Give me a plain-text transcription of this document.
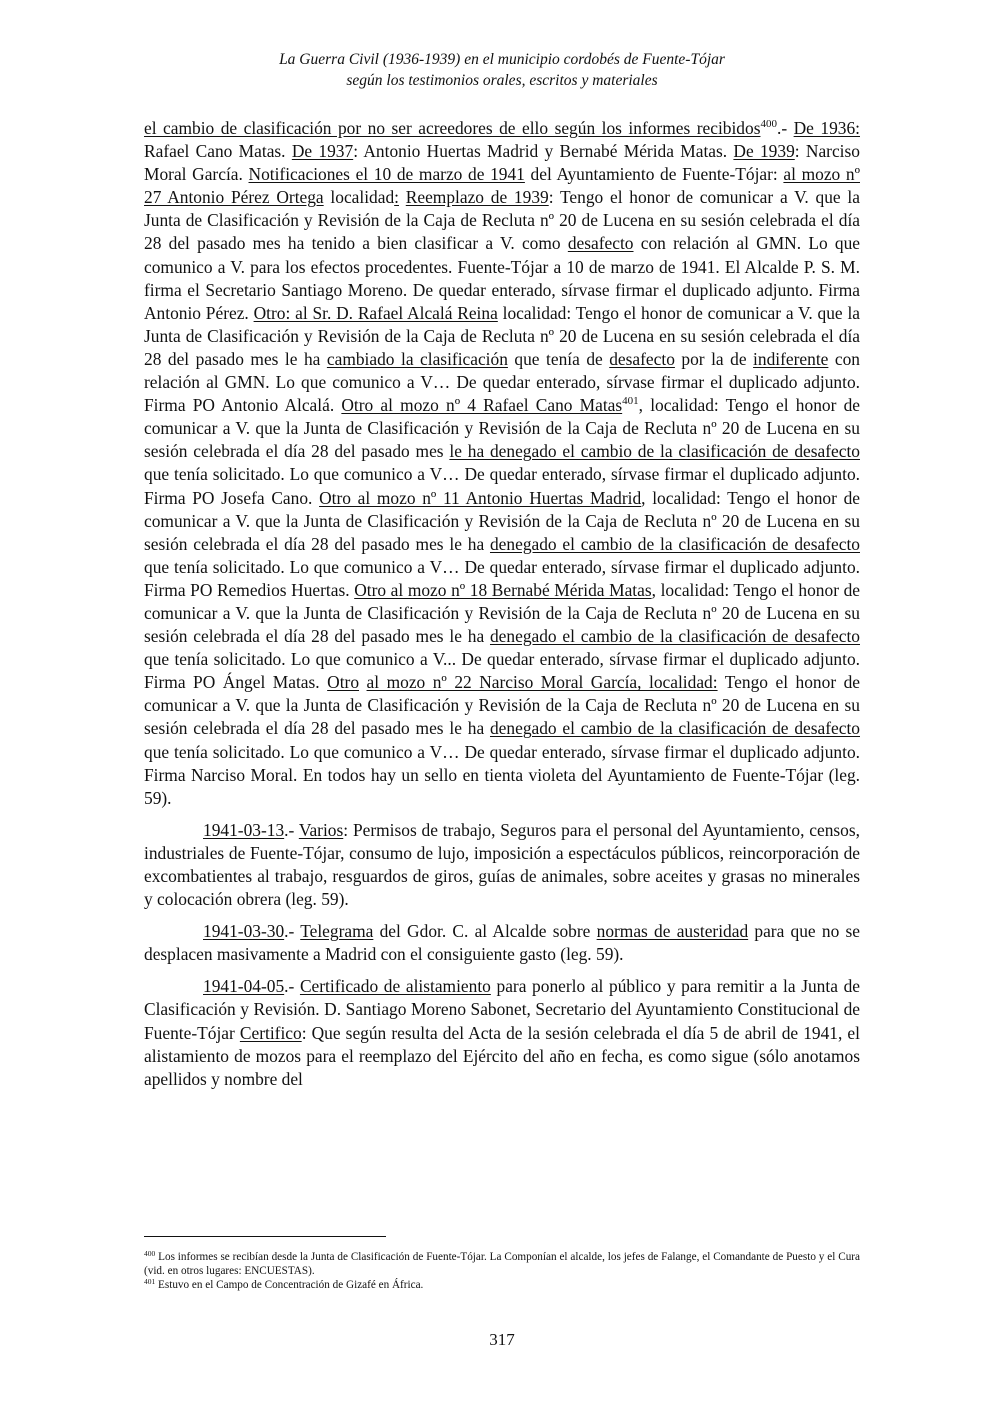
La Guerra Civil (1936-1939) en el municipio cordobés de Fuente-Tójar
según los testimonios orales, escritos y materiales

el cambio de clasificación por no ser acreedores de ello según los informes recibidos$^{400}$.- De 1936: Rafael Cano Matas. De 1937: Antonio Huertas Madrid y Bernabé Mérida Matas. De 1939: Narciso Moral García. Notificaciones el 10 de marzo de 1941 del Ayuntamiento de Fuente-Tójar: al mozo nº 27 Antonio Pérez Ortega localidad: Reemplazo de 1939: Tengo el honor de comunicar a V. que la Junta de Clasificación y Revisión de la Caja de Recluta nº 20 de Lucena en su sesión celebrada el día 28 del pasado mes ha tenido a bien clasificar a V. como desafecto con relación al GMN. Lo que comunico a V. para los efectos procedentes. Fuente-Tójar a 10 de marzo de 1941. El Alcalde P. S. M. firma el Secretario Santiago Moreno. De quedar enterado, sírvase firmar el duplicado adjunto. Firma Antonio Pérez. Otro: al Sr. D. Rafael Alcalá Reina localidad: Tengo el honor de comunicar a V. que la Junta de Clasificación y Revisión de la Caja de Recluta nº 20 de Lucena en su sesión celebrada el día 28 del pasado mes le ha cambiado la clasificación que tenía de desafecto por la de indiferente con relación al GMN. Lo que comunico a V… De quedar enterado, sírvase firmar el duplicado adjunto. Firma PO Antonio Alcalá. Otro al mozo nº 4 Rafael Cano Matas$^{401}$, localidad: Tengo el honor de comunicar a V. que la Junta de Clasificación y Revisión de la Caja de Recluta nº 20 de Lucena en su sesión celebrada el día 28 del pasado mes le ha denegado el cambio de la clasificación de desafecto que tenía solicitado. Lo que comunico a V… De quedar enterado, sírvase firmar el duplicado adjunto. Firma PO Josefa Cano. Otro al mozo nº 11 Antonio Huertas Madrid, localidad: Tengo el honor de comunicar a V. que la Junta de Clasificación y Revisión de la Caja de Recluta nº 20 de Lucena en su sesión celebrada el día 28 del pasado mes le ha denegado el cambio de la clasificación de desafecto que tenía solicitado. Lo que comunico a V… De quedar enterado, sírvase firmar el duplicado adjunto. Firma PO Remedios Huertas. Otro al mozo nº 18 Bernabé Mérida Matas, localidad: Tengo el honor de comunicar a V. que la Junta de Clasificación y Revisión de la Caja de Recluta nº 20 de Lucena en su sesión celebrada el día 28 del pasado mes le ha denegado el cambio de la clasificación de desafecto que tenía solicitado. Lo que comunico a V... De quedar enterado, sírvase firmar el duplicado adjunto. Firma PO Ángel Matas. Otro al mozo nº 22 Narciso Moral García, localidad: Tengo el honor de comunicar a V. que la Junta de Clasificación y Revisión de la Caja de Recluta nº 20 de Lucena en su sesión celebrada el día 28 del pasado mes le ha denegado el cambio de la clasificación de desafecto que tenía solicitado. Lo que comunico a V… De quedar enterado, sírvase firmar el duplicado adjunto. Firma Narciso Moral. En todos hay un sello en tienta violeta del Ayuntamiento de Fuente-Tójar (leg. 59).

1941-03-13.- Varios: Permisos de trabajo, Seguros para el personal del Ayuntamiento, censos, industriales de Fuente-Tójar, consumo de lujo, imposición a espectáculos públicos, reincorporación de excombatientes al trabajo, resguardos de giros, guías de animales, sobre aceites y grasas no minerales y colocación obrera (leg. 59).

1941-03-30.- Telegrama del Gdor. C. al Alcalde sobre normas de austeridad para que no se desplacen masivamente a Madrid con el consiguiente gasto (leg. 59).

1941-04-05.- Certificado de alistamiento para ponerlo al público y para remitir a la Junta de Clasificación y Revisión. D. Santiago Moreno Sabonet, Secretario del Ayuntamiento Constitucional de Fuente-Tójar Certifico: Que según resulta del Acta de la sesión celebrada el día 5 de abril de 1941, el alistamiento de mozos para el reemplazo del Ejército del año en fecha, es como sigue (sólo anotamos apellidos y nombre del

$^{400}$ Los informes se recibían desde la Junta de Clasificación de Fuente-Tójar. La Componían el alcalde, los jefes de Falange, el Comandante de Puesto y el Cura (vid. en otros lugares: ENCUESTAS).

$^{401}$ Estuvo en el Campo de Concentración de Gizafé en África.

317
